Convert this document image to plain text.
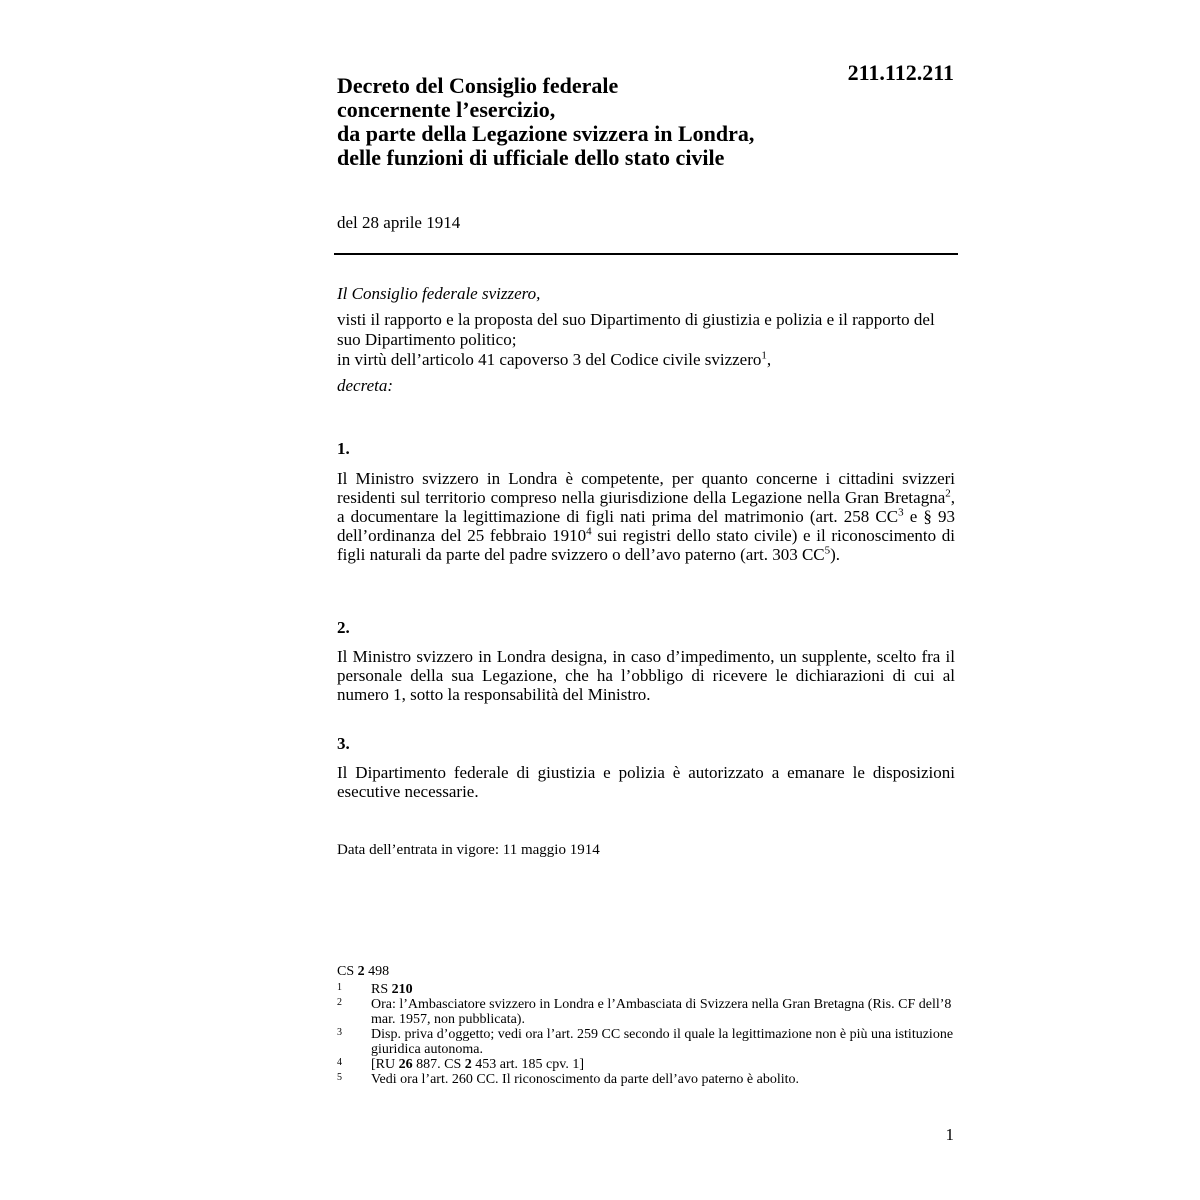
211.112.211
Decreto del Consiglio federale
concernente l’esercizio,
da parte della Legazione svizzera in Londra,
delle funzioni di ufficiale dello stato civile
del 28 aprile 1914
Il Consiglio federale svizzero,
visti il rapporto e la proposta del suo Dipartimento di giustizia e polizia e il rapporto del suo Dipartimento politico;
in virtù dell’articolo 41 capoverso 3 del Codice civile svizzero$^1$,
decreta:
1.
Il Ministro svizzero in Londra è competente, per quanto concerne i cittadini svizzeri residenti sul territorio compreso nella giurisdizione della Legazione nella Gran Bretagna$^2$, a documentare la legittimazione di figli nati prima del matrimonio (art. 258 $CC^3$ e § 93 dell’ordinanza del 25 febbraio 1910$^4$ sui registri dello stato civile) e il riconoscimento di figli naturali da parte del padre svizzero o dell’avo paterno (art. 303 $CC^5$).
2.
Il Ministro svizzero in Londra designa, in caso d’impedimento, un supplente, scelto fra il personale della sua Legazione, che ha l’obbligo di ricevere le dichiarazioni di cui al numero 1, sotto la responsabilità del Ministro.
3.
Il Dipartimento federale di giustizia e polizia è autorizzato a emanare le disposizioni esecutive necessarie.
Data dell’entrata in vigore: 11 maggio 1914
CS 2 498
1	RS 210
2	Ora: l’Ambasciatore svizzero in Londra e l’Ambasciata di Svizzera nella Gran Bretagna (Ris. CF dell’8 mar. 1957, non pubblicata).
3	Disp. priva d’oggetto; vedi ora l’art. 259 CC secondo il quale la legittimazione non è più una istituzione giuridica autonoma.
4	[RU 26 887. CS 2 453 art. 185 cpv. 1]
5	Vedi ora l’art. 260 CC. Il riconoscimento da parte dell’avo paterno è abolito.
1
